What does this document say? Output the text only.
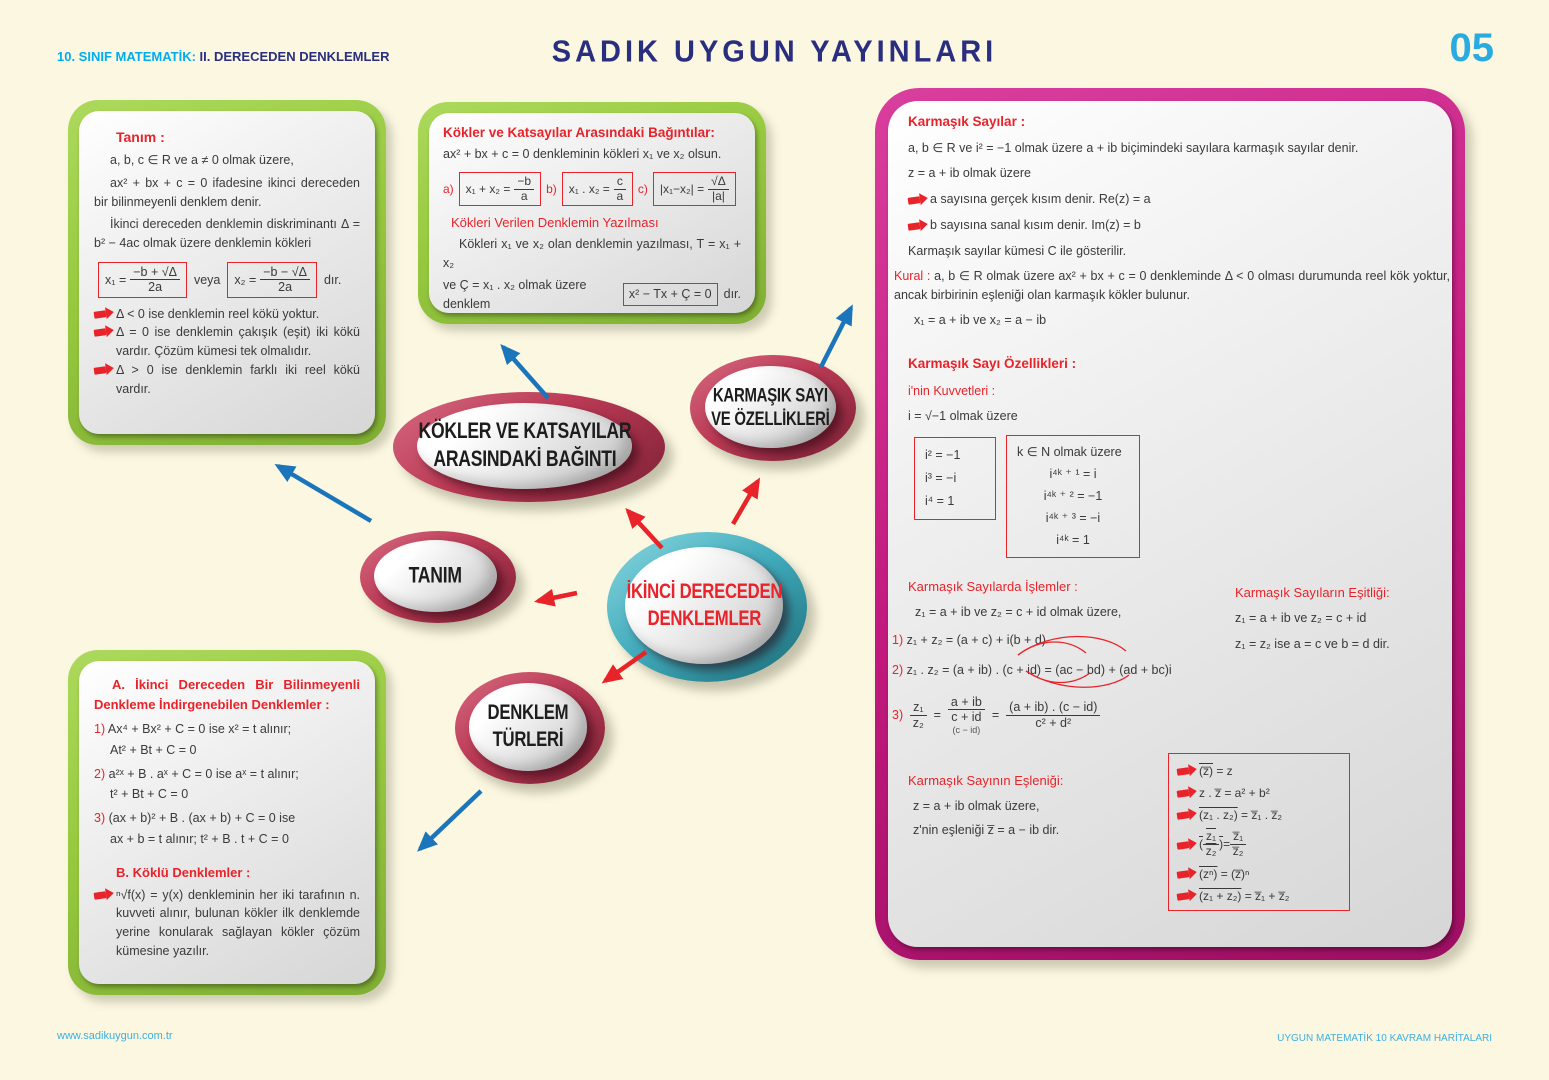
10. SINIF MATEMATİK: II. DERECEDEN DENKLEMLER	SADIK UYGUN YAYINLARI	05
Tanım :
a, b, c ∈ R ve a ≠ 0 olmak üzere,
ax² + bx + c = 0 ifadesine ikinci dereceden bir bilinmeyenli denklem denir.
İkinci dereceden denklemin diskriminantı Δ = b² − 4ac olmak üzere denklemin kökleri
$x_1 = \frac{-b + √\Delta}{2a}$ veya $x_2 = \frac{-b - √\Delta}{2a}$ dır.
Δ < 0 ise denklemin reel kökü yoktur.
Δ = 0 ise denklemin çakışık (eşit) iki kökü vardır. Çözüm kümesi tek olmalıdır.
Δ > 0 ise denklemin farklı iki reel kökü vardır.
Kökler ve Katsayılar Arasındaki Bağıntılar:
ax² + bx + c = 0 denkleminin kökleri x₁ ve x₂ olsun.
a) $x_1 + x_2 = \frac{-b}{a} b$) x₁ . $x_2 = \frac{c}{a} c$) $|x_1-x_2| = \frac{√\Delta}{|a|}$
Kökleri Verilen Denklemin Yazılması
Kökleri x₁ ve x₂ olan denklemin yazılması, T = x₁ + x₂
ve Ç = x₁ . x₂ olmak üzere denklem
x² − Tx + Ç = 0 dır.
Karmaşık Sayılar :
a, b ∈ R ve i² = −1 olmak üzere a + ib biçimindeki sayılara karmaşık sayılar denir.
z = a + ib olmak üzere
a sayısına gerçek kısım denir. Re(z) = a
b sayısına sanal kısım denir. Im(z) = b
Karmaşık sayılar kümesi C ile gösterilir.
Kural : a, b ∈ R olmak üzere ax² + bx + c = 0 denkleminde Δ < 0 olması durumunda reel kök yoktur, ancak birbirinin eşleniği olan karmaşık kökler bulunur.
x₁ = a + ib ve x₂ = a − ib
Karmaşık Sayı Özellikleri :
i'nin Kuvvetleri :
i = √−1 olmak üzere
i² = −1
i³ = −i
i⁴ = 1
k ∈ N olmak üzere
i⁴ᵏ ⁺ ¹ = i
i⁴ᵏ ⁺ ² = −1
i⁴ᵏ ⁺ ³ = −i
i⁴ᵏ = 1
Karmaşık Sayılarda İşlemler :
z₁ = a + ib ve z₂ = c + id olmak üzere,
1) z₁ + z₂ = (a + c) + i(b + d)
2) z₁ . z₂ = (a + ib) . (c + id) = (ac − bd) + (ad + bc)i
$3) \frac{\text{z₁}}{\text{z₂}}$ =
a + ib
c + id
(c − id)
= $\frac{(a + ib) . (c - id)}{\text{c² + d²}}$
Karmaşık Sayının Eşleniği:
z = a + ib olmak üzere,
z'nin eşleniği z̅ = a − ib dir.
Karmaşık Sayıların Eşitliği:
z₁ = a + ib ve z₂ = c + id
z₁ = z₂ ise a = c ve b = d dir.
(z̅) = z
z . z̅ = a² + b²
(z₁ . z₂) = z̅₁ . z̅₂
( $\frac{\text{z₁}}{\text{z₂}}$ ) = $\frac{\text{z̅₁}}{\text{z̅₂}}$
(zⁿ) = (z̅)ⁿ
(z₁ + z₂) = z̅₁ + z̅₂
A. İkinci Dereceden Bir Bilinmeyenli Denkleme İndirgenebilen Denklemler :
1) Ax⁴ + Bx² + C = 0 ise x² = t alınır;
At² + Bt + C = 0
2) a²ˣ + B . aˣ + C = 0 ise aˣ = t alınır;
t² + Bt + C = 0
3) (ax + b)² + B . (ax + b) + C = 0 ise
ax + b = t alınır; t² + B . t + C = 0
B. Köklü Denklemler :
ⁿ√f(x) = y(x) denkleminin her iki tarafının n. kuvveti alınır, bulunan kökler ilk denklemde yerine konularak sağlayan kökler çözüm kümesine yazılır.
KÖKLER VE KATSAYILAR
ARASINDAKİ BAĞINTI
KARMAŞIK SAYI
VE ÖZELLİKLERİ
TANIM
İKİNCİ DERECEDEN
DENKLEMLER
DENKLEM
TÜRLERİ
www.sadikuygun.com.tr	UYGUN MATEMATİK 10 KAVRAM HARİTALARI
